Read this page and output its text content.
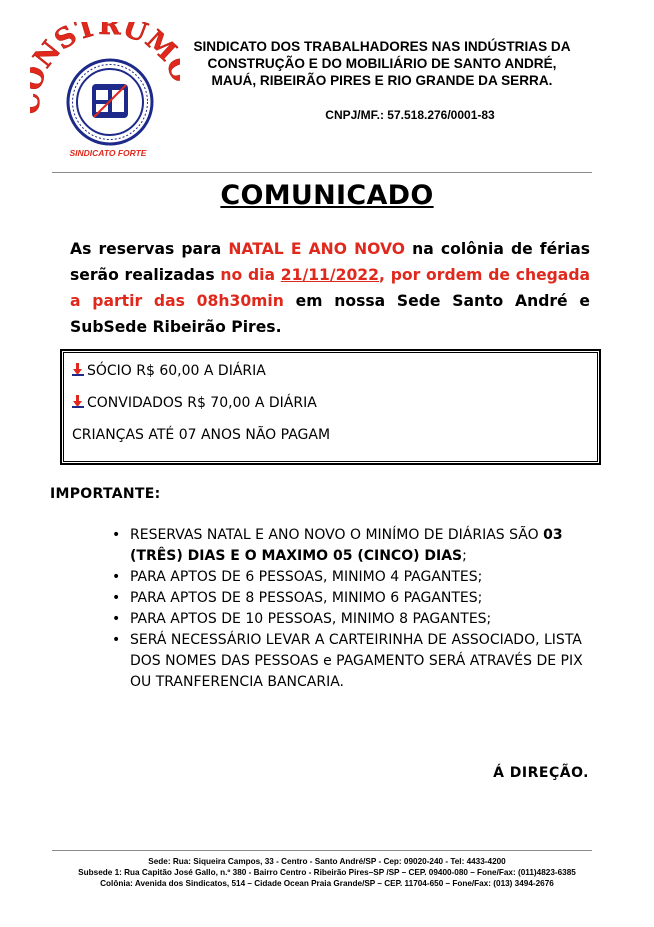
NSTRUM SINDICATO DOS TRABALHADORES NAS INDÚSTRIAS DA
CONSTRUÇÃO E DO MOBILIÁRIO DE SANTO ANDRÉ,
MAUÁ, RIBEIRÃO PIRES E RIO GRANDE DA SERRA.
CNPJ/MF.: 57.518.276/0001-83
SINDICATO FORTE
COMUNICADO
As reservas para NATAL E ANO NOVO na colônia de férias serão realizadas no dia 21/11/2022, por ordem de chegada a partir das 08h30min em nossa Sede Santo André e SubSede Ribeirão Pires.
SÓCIO R$ 60,00 A DIÁRIA
CONVIDADOS R$ 70,00 A DIÁRIA
CRIANÇAS ATÉ 07 ANOS NÃO PAGAM
IMPORTANTE:
• RESERVAS NATAL E ANO NOVO O MINÍMO DE DIÁRIAS SÃO 03 (TRÊS) DIAS E O MAXIMO 05 (CINCO) DIAS;
• PARA APTOS DE 6 PESSOAS, MINIMO 4 PAGANTES;
• PARA APTOS DE 8 PESSOAS, MINIMO 6 PAGANTES;
• PARA APTOS DE 10 PESSOAS, MINIMO 8 PAGANTES;
• SERÁ NECESSÁRIO LEVAR A CARTEIRINHA DE ASSOCIADO, LISTA DOS NOMES DAS PESSOAS e PAGAMENTO SERÁ ATRAVÉS DE PIX OU TRANFERENCIA BANCARIA.
Á DIREÇÃO.
Sede: Rua: Siqueira Campos, 33 - Centro - Santo André/SP - Cep: 09020-240 - Tel: 4433-4200
Subsede 1: Rua Capitão José Gallo, n.º 380 - Bairro Centro - Ribeirão Pires–SP /SP – CEP. 09400-080 – Fone/Fax: (011)4823-6385
Colônia: Avenida dos Sindicatos, 514 – Cidade Ocean Praia Grande/SP – CEP. 11704-650 – Fone/Fax: (013) 3494-2676
